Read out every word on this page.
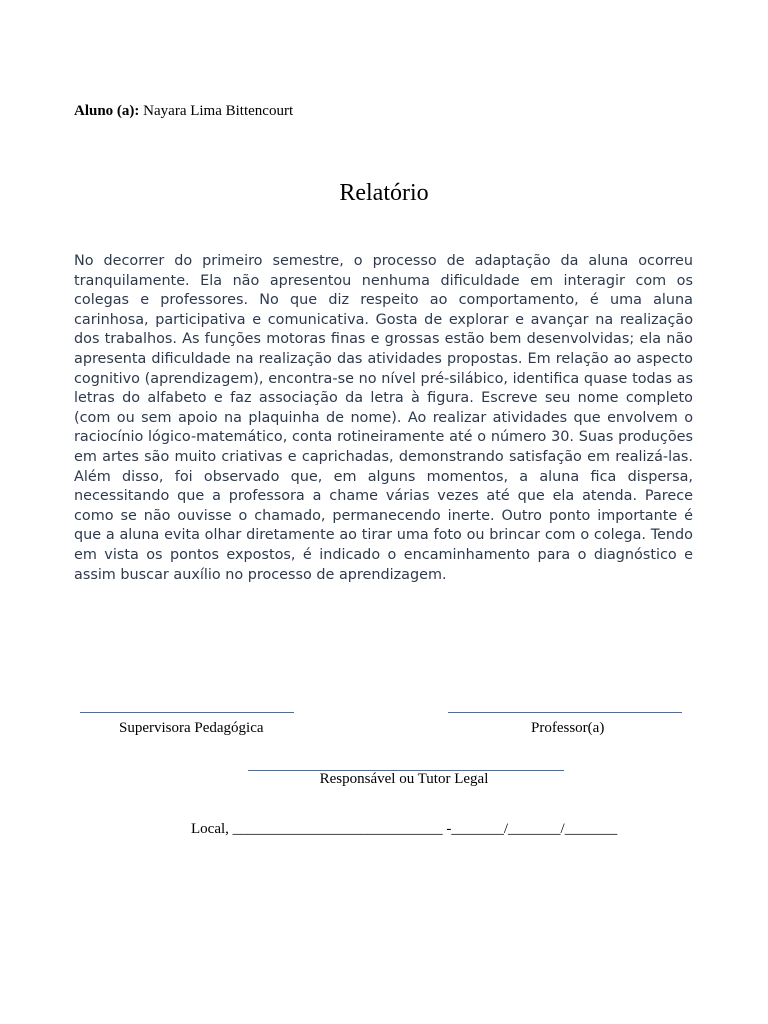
Aluno (a): Nayara Lima Bittencourt
Relatório

No decorrer do primeiro semestre, o processo de adaptação da aluna ocorreu tranquilamente. Ela não apresentou nenhuma dificuldade em interagir com os colegas e professores. No que diz respeito ao comportamento, é uma aluna carinhosa, participativa e comunicativa. Gosta de explorar e avançar na realização dos trabalhos. As funções motoras finas e grossas estão bem desenvolvidas; ela não apresenta dificuldade na realização das atividades propostas. Em relação ao aspecto cognitivo (aprendizagem), encontra-se no nível pré-silábico, identifica quase todas as letras do alfabeto e faz associação da letra à figura. Escreve seu nome completo (com ou sem apoio na plaquinha de nome). Ao realizar atividades que envolvem o raciocínio lógico-matemático, conta rotineiramente até o número 30. Suas produções em artes são muito criativas e caprichadas, demonstrando satisfação em realizá-las. Além disso, foi observado que, em alguns momentos, a aluna fica dispersa, necessitando que a professora a chame várias vezes até que ela atenda. Parece como se não ouvisse o chamado, permanecendo inerte. Outro ponto importante é que a aluna evita olhar diretamente ao tirar uma foto ou brincar com o colega. Tendo em vista os pontos expostos, é indicado o encaminhamento para o diagnóstico e assim buscar auxílio no processo de aprendizagem.

Supervisora Pedagógica	Professor(a)
Responsável ou Tutor Legal
Local, ____________________________ -_______/_______/_______
